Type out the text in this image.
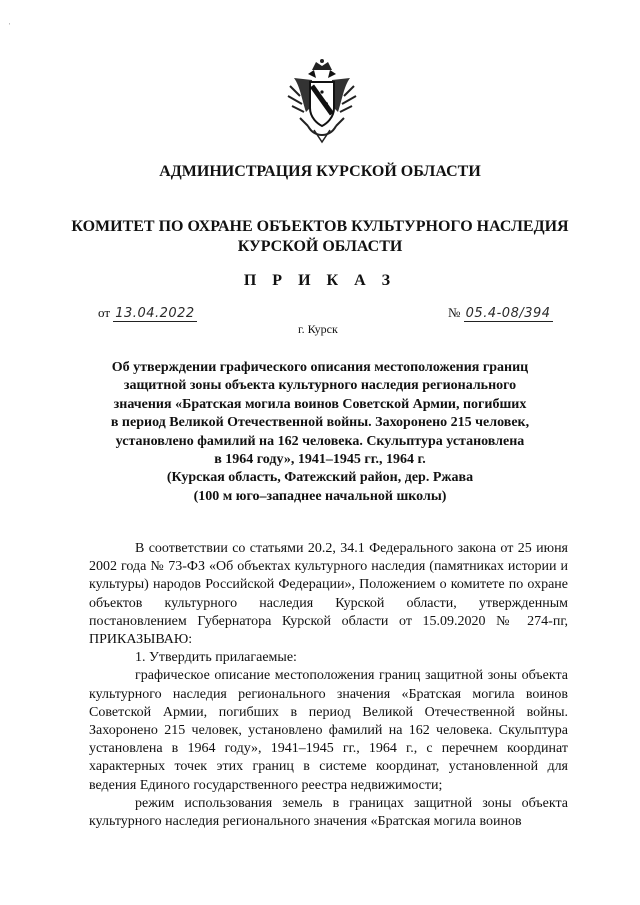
ˈ
АДМИНИСТРАЦИЯ КУРСКОЙ ОБЛАСТИ
КОМИТЕТ ПО ОХРАНЕ ОБЪЕКТОВ КУЛЬТУРНОГО НАСЛЕДИЯ
КУРСКОЙ ОБЛАСТИ
П Р И К А З
от 13.04.2022	№ 05.4-08/394
г. Курск
Об утверждении графического описания местоположения границ
защитной зоны объекта культурного наследия регионального
значения «Братская могила воинов Советской Армии, погибших
в период Великой Отечественной войны. Захоронено 215 человек,
установлено фамилий на 162 человека. Скульптура установлена
в 1964 году», 1941–1945 гг., 1964 г.
(Курская область, Фатежский район, дер. Ржава
(100 м юго–западнее начальной школы)

В соответствии со статьями 20.2, 34.1 Федерального закона от 25 июня 2002 года № 73-ФЗ «Об объектах культурного наследия (памятниках истории и культуры) народов Российской Федерации», Положением о комитете по охране объектов культурного наследия Курской области, утвержденным постановлением Губернатора Курской области от 15.09.2020 № 274-пг, ПРИКАЗЫВАЮ:

1. Утвердить прилагаемые:

графическое описание местоположения границ защитной зоны объекта культурного наследия регионального значения «Братская могила воинов Советской Армии, погибших в период Великой Отечественной войны. Захоронено 215 человек, установлено фамилий на 162 человека. Скульптура установлена в 1964 году», 1941–1945 гг., 1964 г., с перечнем координат характерных точек этих границ в системе координат, установленной для ведения Единого государственного реестра недвижимости;

режим использования земель в границах защитной зоны объекта культурного наследия регионального значения «Братская могила воинов
